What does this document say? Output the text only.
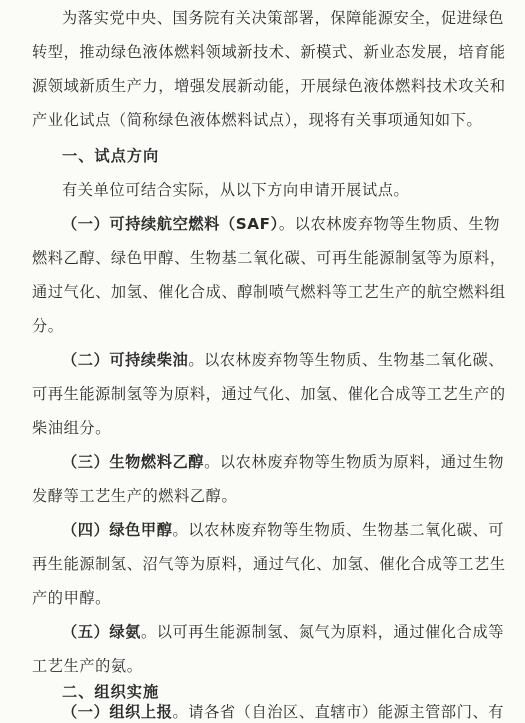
为落实党中央、国务院有关决策部署，保障能源安全，促进绿色
转型，推动绿色液体燃料领域新技术、新模式、新业态发展，培育能
源领域新质生产力，增强发展新动能，开展绿色液体燃料技术攻关和
产业化试点（简称绿色液体燃料试点），现将有关事项通知如下。
一、试点方向
有关单位可结合实际，从以下方向申请开展试点。
（一）可持续航空燃料（SAF）。以农林废弃物等生物质、生物
燃料乙醇、绿色甲醇、生物基二氧化碳、可再生能源制氢等为原料，
通过气化、加氢、催化合成、醇制喷气燃料等工艺生产的航空燃料组
分。
（二）可持续柴油。以农林废弃物等生物质、生物基二氧化碳、
可再生能源制氢等为原料，通过气化、加氢、催化合成等工艺生产的
柴油组分。
（三）生物燃料乙醇。以农林废弃物等生物质为原料，通过生物
发酵等工艺生产的燃料乙醇。
（四）绿色甲醇。以农林废弃物等生物质、生物基二氧化碳、可
再生能源制氢、沼气等为原料，通过气化、加氢、催化合成等工艺生
产的甲醇。
（五）绿氨。以可再生能源制氢、氮气为原料，通过催化合成等
工艺生产的氨。
二、组织实施
（一）组织上报。请各省（自治区、直辖市）能源主管部门、有
